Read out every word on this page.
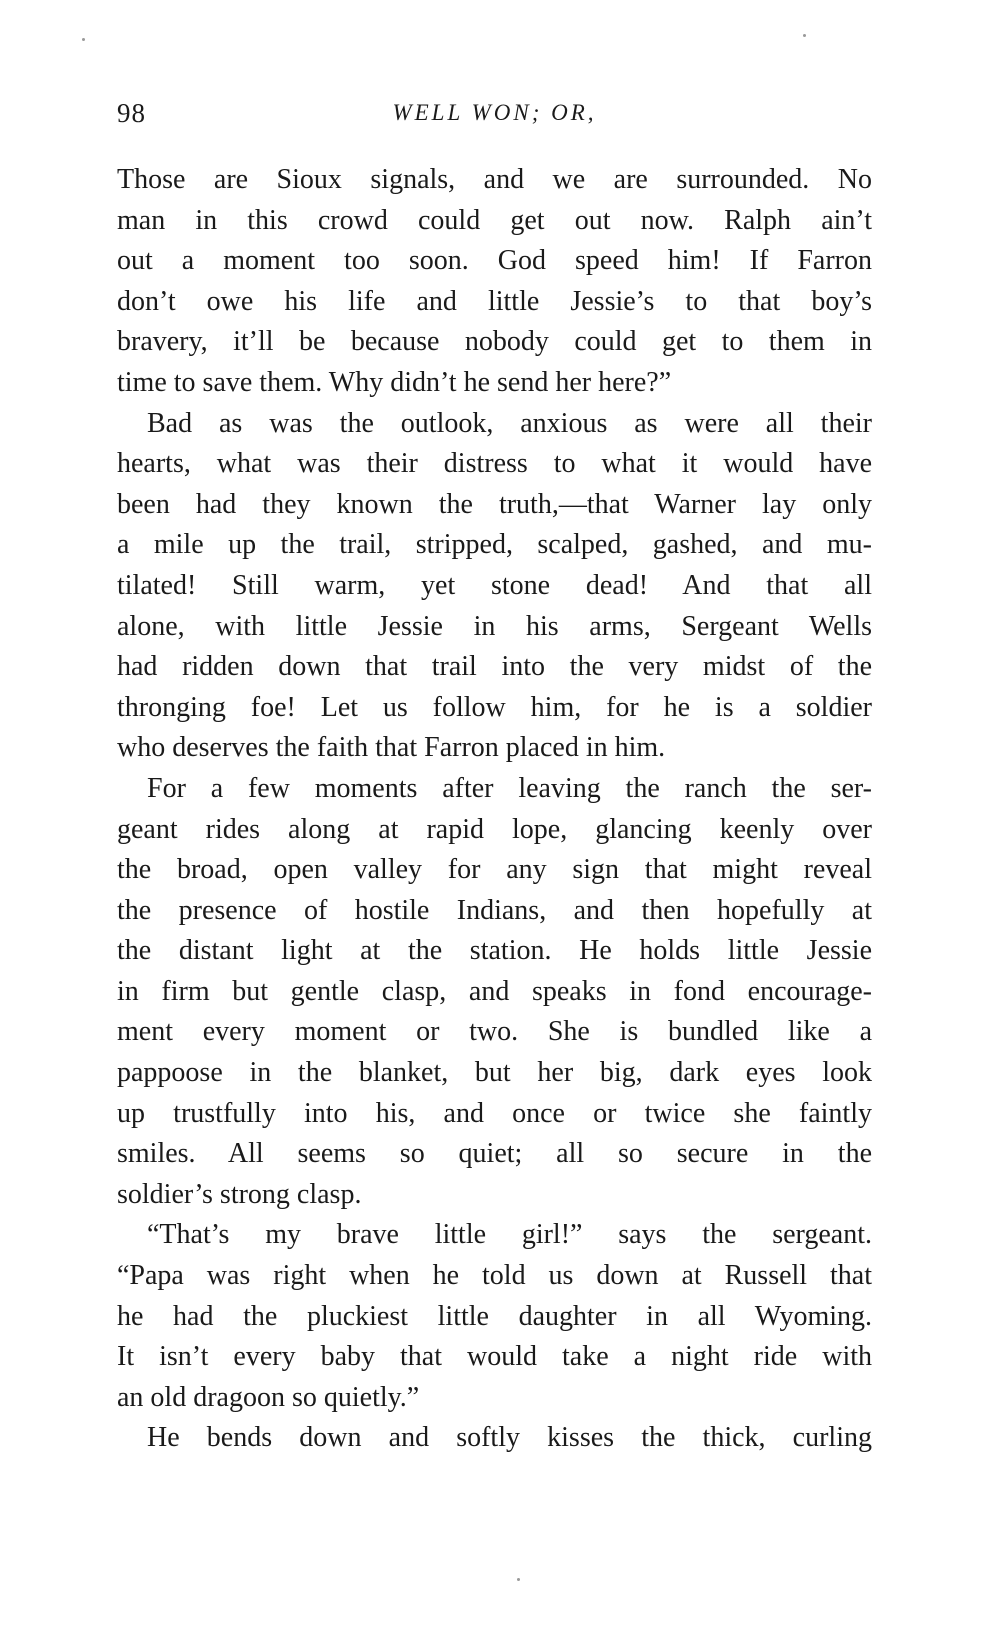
98	WELL WON; OR,

Those are Sioux signals, and we are surrounded. No
man in this crowd could get out now. Ralph ain’t
out a moment too soon. God speed him! If Farron
don’t owe his life and little Jessie’s to that boy’s
bravery, it’ll be because nobody could get to them in
time to save them. Why didn’t he send her here?”

Bad as was the outlook, anxious as were all their
hearts, what was their distress to what it would have
been had they known the truth,—that Warner lay only
a mile up the trail, stripped, scalped, gashed, and mu-
tilated! Still warm, yet stone dead! And that all
alone, with little Jessie in his arms, Sergeant Wells
had ridden down that trail into the very midst of the
thronging foe! Let us follow him, for he is a soldier
who deserves the faith that Farron placed in him.

For a few moments after leaving the ranch the ser-
geant rides along at rapid lope, glancing keenly over
the broad, open valley for any sign that might reveal
the presence of hostile Indians, and then hopefully at
the distant light at the station. He holds little Jessie
in firm but gentle clasp, and speaks in fond encourage-
ment every moment or two. She is bundled like a
pappoose in the blanket, but her big, dark eyes look
up trustfully into his, and once or twice she faintly
smiles. All seems so quiet; all so secure in the
soldier’s strong clasp.

“That’s my brave little girl!” says the sergeant.
“Papa was right when he told us down at Russell that
he had the pluckiest little daughter in all Wyoming.
It isn’t every baby that would take a night ride with
an old dragoon so quietly.”

He bends down and softly kisses the thick, curling
